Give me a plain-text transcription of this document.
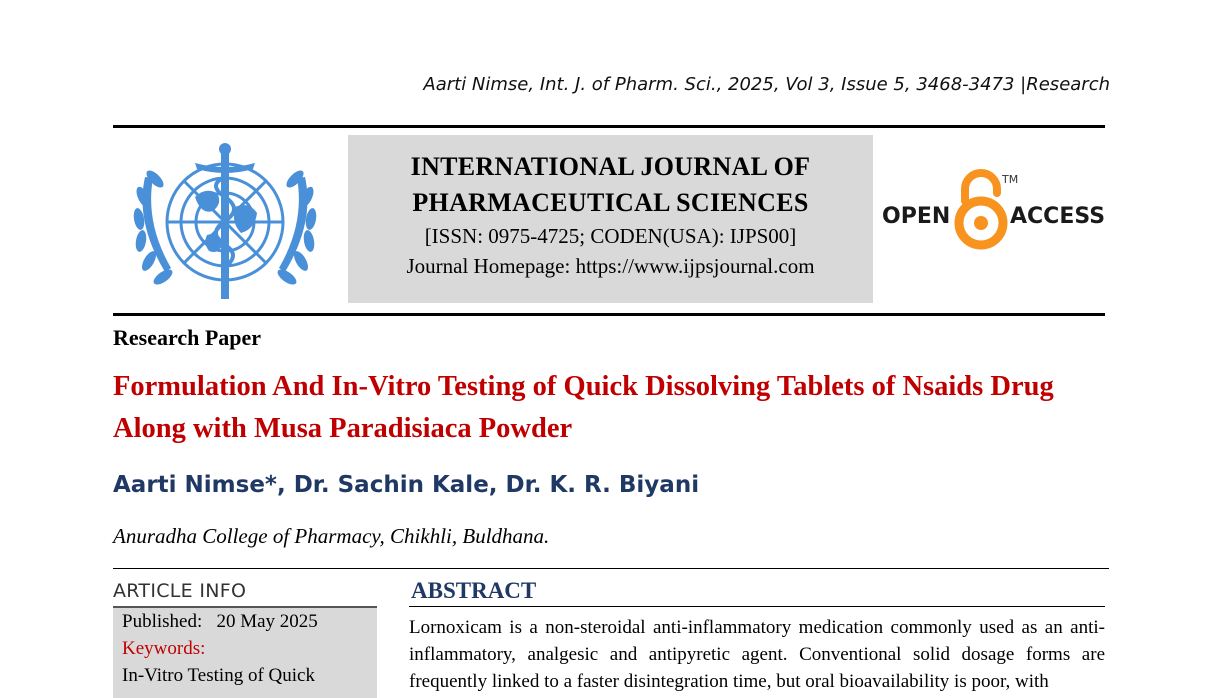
Aarti Nimse, Int. J. of Pharm. Sci., 2025, Vol 3, Issue 5, 3468-3473 |Research
INTERNATIONAL JOURNAL OF
PHARMACEUTICAL SCIENCES
[ISSN: 0975-4725; CODEN(USA): IJPS00]
Journal Homepage: https://www.ijpsjournal.com
OPEN
TM
ACCESS
Research Paper
Formulation And In-Vitro Testing of Quick Dissolving Tablets of Nsaids Drug Along with Musa Paradisiaca Powder
Aarti Nimse*, Dr. Sachin Kale, Dr. K. R. Biyani
Anuradha College of Pharmacy, Chikhli, Buldhana.
ARTICLE INFO
Published: 20 May 2025
Keywords:
In-Vitro Testing of Quick
ABSTRACT
Lornoxicam is a non-steroidal anti-inflammatory medication commonly used as an anti-inflammatory, analgesic and antipyretic agent. Conventional solid dosage forms are frequently linked to a faster disintegration time, but oral bioavailability is poor, with
